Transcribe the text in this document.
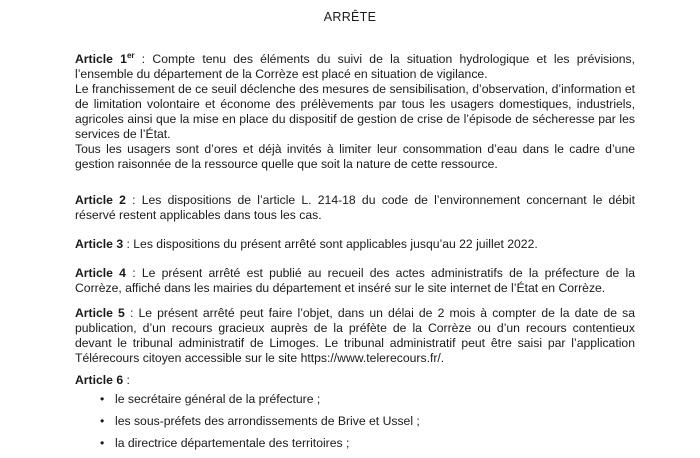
ARRÊTE
Article 1er : Compte tenu des éléments du suivi de la situation hydrologique et les prévisions, l’ensemble du département de la Corrèze est placé en situation de vigilance.
Le franchissement de ce seuil déclenche des mesures de sensibilisation, d’observation, d’information et de limitation volontaire et économe des prélèvements par tous les usagers domestiques, industriels, agricoles ainsi que la mise en place du dispositif de gestion de crise de l’épisode de sécheresse par les services de l’État.
Tous les usagers sont d’ores et déjà invités à limiter leur consommation d’eau dans le cadre d’une gestion raisonnée de la ressource quelle que soit la nature de cette ressource.
Article 2 : Les dispositions de l’article L. 214-18 du code de l’environnement concernant le débit réservé restent applicables dans tous les cas.
Article 3 : Les dispositions du présent arrêté sont applicables jusqu’au 22 juillet 2022.
Article 4 : Le présent arrêté est publié au recueil des actes administratifs de la préfecture de la Corrèze, affiché dans les mairies du département et inséré sur le site internet de l’État en Corrèze.
Article 5 : Le présent arrêté peut faire l’objet, dans un délai de 2 mois à compter de la date de sa publication, d’un recours gracieux auprès de la préfète de la Corrèze ou d’un recours contentieux devant le tribunal administratif de Limoges. Le tribunal administratif peut être saisi par l’application Télérecours citoyen accessible sur le site https://www.telerecours.fr/.
Article 6 :
• le secrétaire général de la préfecture ;
• les sous-préfets des arrondissements de Brive et Ussel ;
• la directrice départementale des territoires ;
